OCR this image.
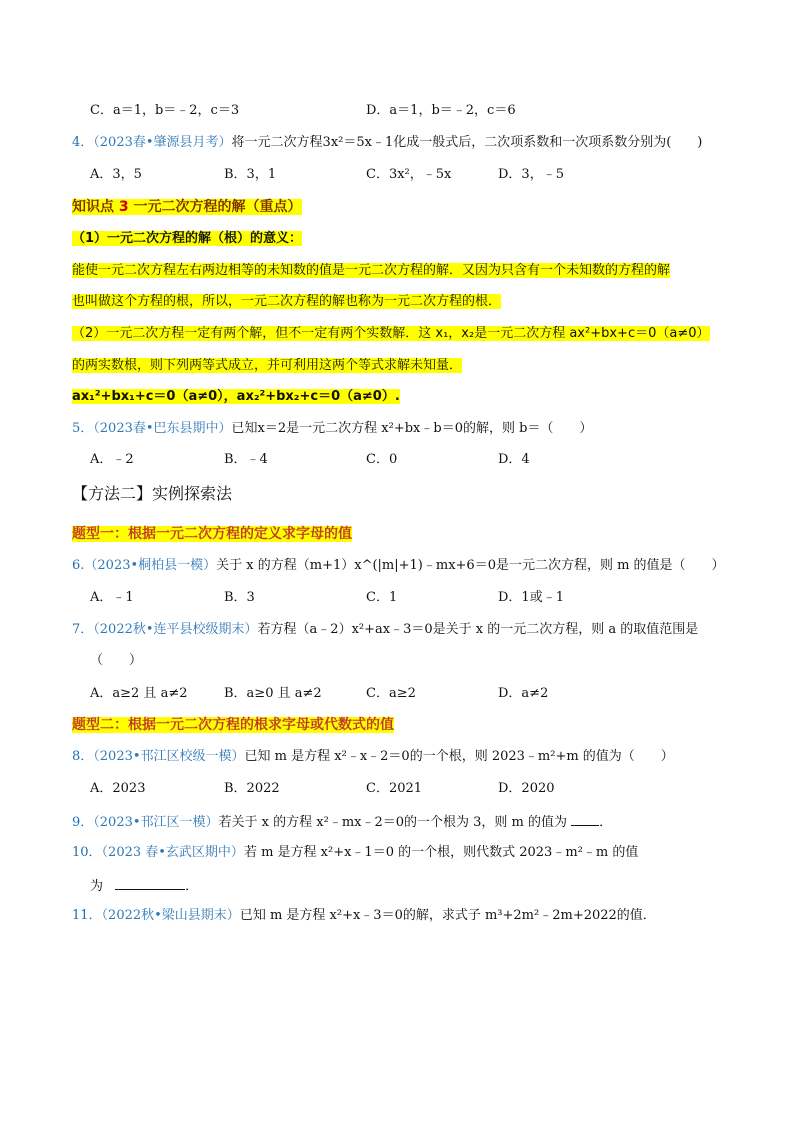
C．a＝1，b＝﹣2，c＝3	D．a＝1，b＝﹣2，c＝6
4．（2023春•肇源县月考）将一元二次方程3x²＝5x﹣1化成一般式后，二次项系数和一次项系数分别为(　　)
A．3，5	B．3，1	C．3x²，﹣5x	D．3，﹣5
知识点 3 一元二次方程的解（重点）
（1）一元二次方程的解（根）的意义：
能使一元二次方程左右两边相等的未知数的值是一元二次方程的解．又因为只含有一个未知数的方程的解
也叫做这个方程的根，所以，一元二次方程的解也称为一元二次方程的根．
（2）一元二次方程一定有两个解，但不一定有两个实数解．这 x₁，x₂是一元二次方程 ax²+bx+c＝0（a≠0）
的两实数根，则下列两等式成立，并可利用这两个等式求解未知量．
ax₁²+bx₁+c＝0（a≠0），ax₂²+bx₂+c＝0（a≠0）.
5．（2023春•巴东县期中）已知x＝2是一元二次方程 x²+bx﹣b＝0的解，则 b＝（　　）
A．﹣2	B．﹣4	C．0	D．4
【方法二】实例探索法
题型一：根据一元二次方程的定义求字母的值
6.（2023•桐柏县一模）关于 x 的方程（m+1）x^(|m|+1)﹣mx+6＝0是一元二次方程，则 m 的值是（　　）
A．﹣1	B．3	C．1	D．1或﹣1
7．（2022秋•连平县校级期末）若方程（a﹣2）x²+ax﹣3＝0是关于 x 的一元二次方程，则 a 的取值范围是
（　　）
A．a≥2 且 a≠2	B．a≥0 且 a≠2	C．a≥2	D．a≠2
题型二：根据一元二次方程的根求字母或代数式的值
8．（2023•邗江区校级一模）已知 m 是方程 x²﹣x﹣2＝0的一个根，则 2023﹣m²+m 的值为（　　）
A．2023	B．2022	C．2021	D．2020
9．（2023•邗江区一模）若关于 x 的方程 x²﹣mx﹣2＝0的一个根为 3，则 m 的值为 ．
10．（2023 春•玄武区期中）若 m 是方程 x²+x﹣1＝0 的一个根，则代数式 2023﹣m²﹣m 的值
为	．
11．（2022秋•梁山县期末）已知 m 是方程 x²+x﹣3＝0的解，求式子 m³+2m²﹣2m+2022的值．
